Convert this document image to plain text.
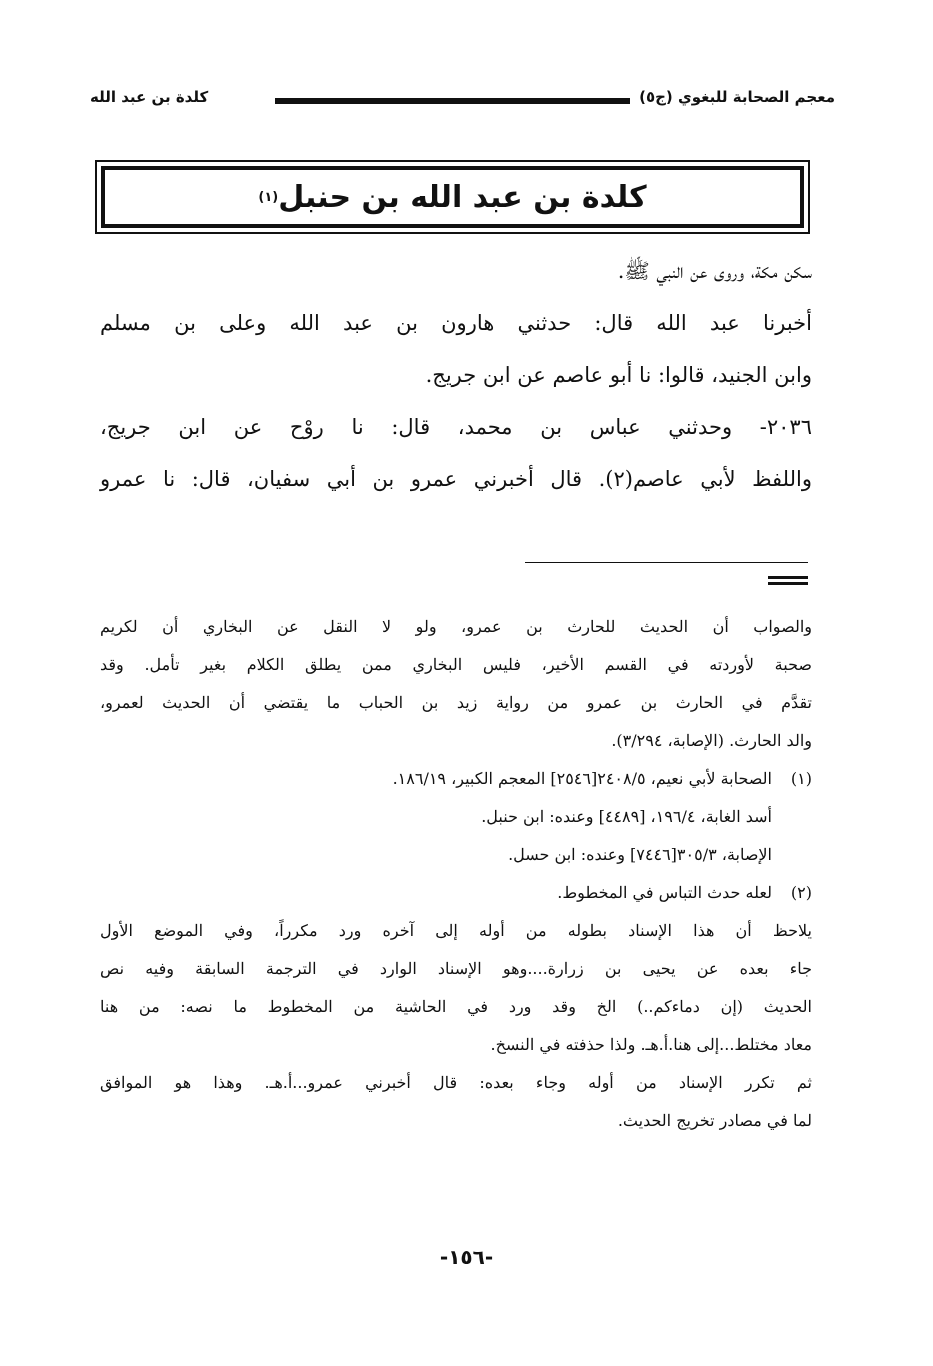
معجم الصحابة للبغوي (ج٥)
كلدة بن عبد الله
كلدة بن عبد الله بن حنبل
(١)
سكن مكة، وروى عن النبي ﷺ.
أخبرنا عبد الله قال: حدثني هارون بن عبد الله وعلى بن مسلم
وابن الجنيد، قالوا: نا أبو عاصم عن ابن جريج.
٢٠٣٦- وحدثني عباس بن محمد، قال: نا روْح عن ابن جريج،
واللفظ لأبي عاصم(٢). قال أخبرني عمرو بن أبي سفيان، قال: نا عمرو
والصواب أن الحديث للحارث بن عمرو، ولو لا النقل عن البخاري أن لكريم
صحبة لأوردته في القسم الأخير، فليس البخاري ممن يطلق الكلام بغير تأمل. وقد
تقدَّم في الحارث بن عمرو من رواية زيد بن الحباب ما يقتضي أن الحديث لعمرو،
والد الحارث. (الإصابة، ٣/٢٩٤).
(١)الصحابة لأبي نعيم، ٢٤٠٨/٥[٢٥٤٦] المعجم الكبير، ١٨٦/١٩.
أسد الغابة، ١٩٦/٤، [٤٤٨٩] وعنده: ابن حنبل.
الإصابة، ٣٠٥/٣[٧٤٤٦] وعنده: ابن حسل.
(٢)لعله حدث التباس في المخطوط.
يلاحظ أن هذا الإسناد بطوله من أوله إلى آخره ورد مكرراً، وفي الموضع الأول
جاء بعده عن يحيى بن زرارة....وهو الإسناد الوارد في الترجمة السابقة وفيه نص
الحديث (إن دماءكم..) الخ وقد ورد في الحاشية من المخطوط ما نصه: من هنا
معاد مختلط...إلى هنا.أ.هـ. ولذا حذفته في النسخ.
ثم تكرر الإسناد من أوله وجاء بعده: قال أخبرني عمرو...أ.هـ. وهذا هو الموافق
لما في مصادر تخريج الحديث.
-١٥٦-
